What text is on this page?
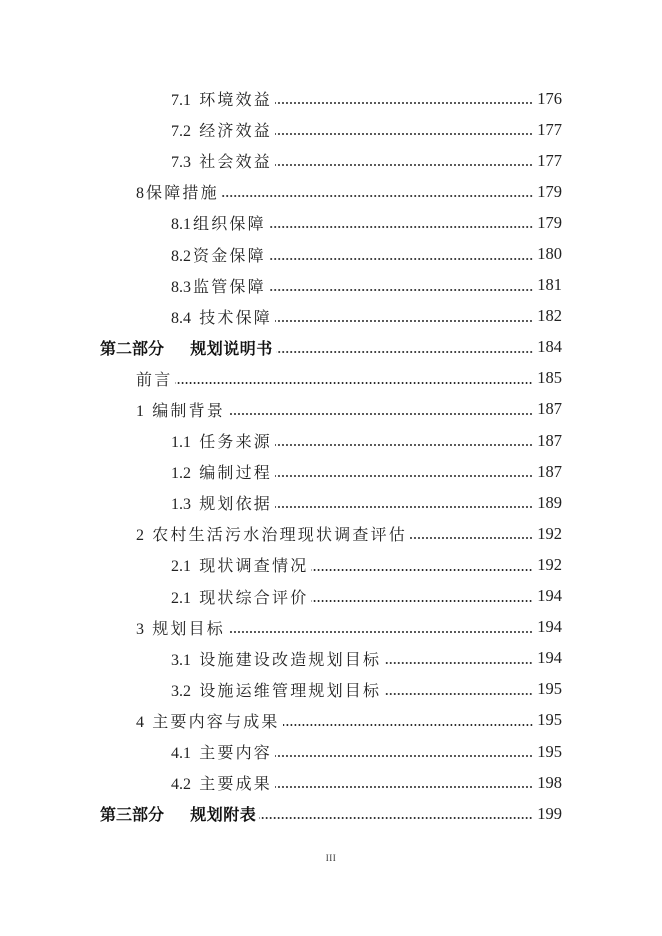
7.1 环境效益	176
7.2 经济效益	177
7.3 社会效益	177
8 保障措施	179
8.1 组织保障	179
8.2 资金保障	180
8.3 监管保障	181
8.4 技术保障	182
第二部分 规划说明书	184
前言	185
1 编制背景	187
1.1 任务来源	187
1.2 编制过程	187
1.3 规划依据	189
2 农村生活污水治理现状调查评估	192
2.1 现状调查情况	192
2.1 现状综合评价	194
3 规划目标	194
3.1 设施建设改造规划目标	194
3.2 设施运维管理规划目标	195
4 主要内容与成果	195
4.1 主要内容	195
4.2 主要成果	198
第三部分 规划附表	199
III
